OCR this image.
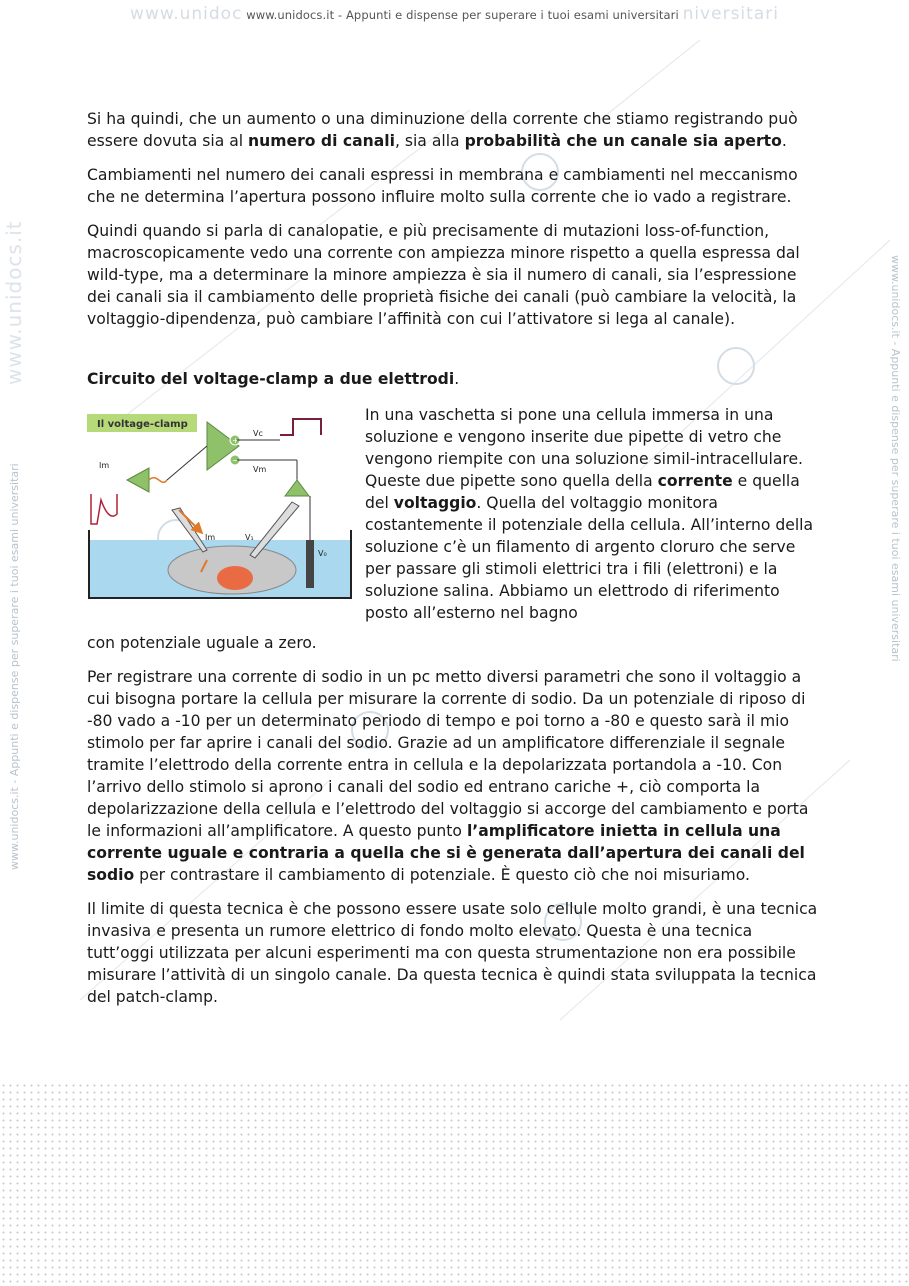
www.unidoc www.unidocs.it - Appunti e dispense per superare i tuoi esami universitari niversitari
www.unidocs.it
www.unidocs.it - Appunti e dispense per superare i tuoi esami universitari
www.unidocs.it - Appunti e dispense per superare i tuoi esami universitari

Si ha quindi, che un aumento o una diminuzione della corrente che stiamo registrando può essere dovuta sia al numero di canali, sia alla probabilità che un canale sia aperto.

Cambiamenti nel numero dei canali espressi in membrana e cambiamenti nel meccanismo che ne determina l’apertura possono influire molto sulla corrente che io vado a registrare.

Quindi quando si parla di canalopatie, e più precisamente di mutazioni loss-of-function, macroscopicamente vedo una corrente con ampiezza minore rispetto a quella espressa dal wild-type, ma a determinare la minore ampiezza è sia il numero di canali, sia l’espressione dei canali sia il cambiamento delle proprietà fisiche dei canali (può cambiare la velocità, la voltaggio-dipendenza, può cambiare l’affinità con cui l’attivatore si lega al canale).

Circuito del voltage-clamp a due elettrodi.

Il voltage-clamp
+
−
Vc
Vm
Im
Im	V₁
V₀
In una vaschetta si pone una cellula immersa in una soluzione e vengono inserite due pipette di vetro che vengono riempite con una soluzione simil-intracellulare. Queste due pipette sono quella della corrente e quella del voltaggio. Quella del voltaggio monitora costantemente il potenziale della cellula. All’interno della soluzione c’è un filamento di argento cloruro che serve per passare gli stimoli elettrici tra i fili (elettroni) e la soluzione salina. Abbiamo un elettrodo di riferimento posto all’esterno nel bagno

con potenziale uguale a zero.

Per registrare una corrente di sodio in un pc metto diversi parametri che sono il voltaggio a cui bisogna portare la cellula per misurare la corrente di sodio. Da un potenziale di riposo di -80 vado a -10 per un determinato periodo di tempo e poi torno a -80 e questo sarà il mio stimolo per far aprire i canali del sodio. Grazie ad un amplificatore differenziale il segnale tramite l’elettrodo della corrente entra in cellula e la depolarizzata portandola a -10. Con l’arrivo dello stimolo si aprono i canali del sodio ed entrano cariche +, ciò comporta la depolarizzazione della cellula e l’elettrodo del voltaggio si accorge del cambiamento e porta le informazioni all’amplificatore. A questo punto l’amplificatore inietta in cellula una corrente uguale e contraria a quella che si è generata dall’apertura dei canali del sodio per contrastare il cambiamento di potenziale. È questo ciò che noi misuriamo.

Il limite di questa tecnica è che possono essere usate solo cellule molto grandi, è una tecnica invasiva e presenta un rumore elettrico di fondo molto elevato. Questa è una tecnica tutt’oggi utilizzata per alcuni esperimenti ma con questa strumentazione non era possibile misurare l’attività di un singolo canale. Da questa tecnica è quindi stata sviluppata la tecnica del patch-clamp.
